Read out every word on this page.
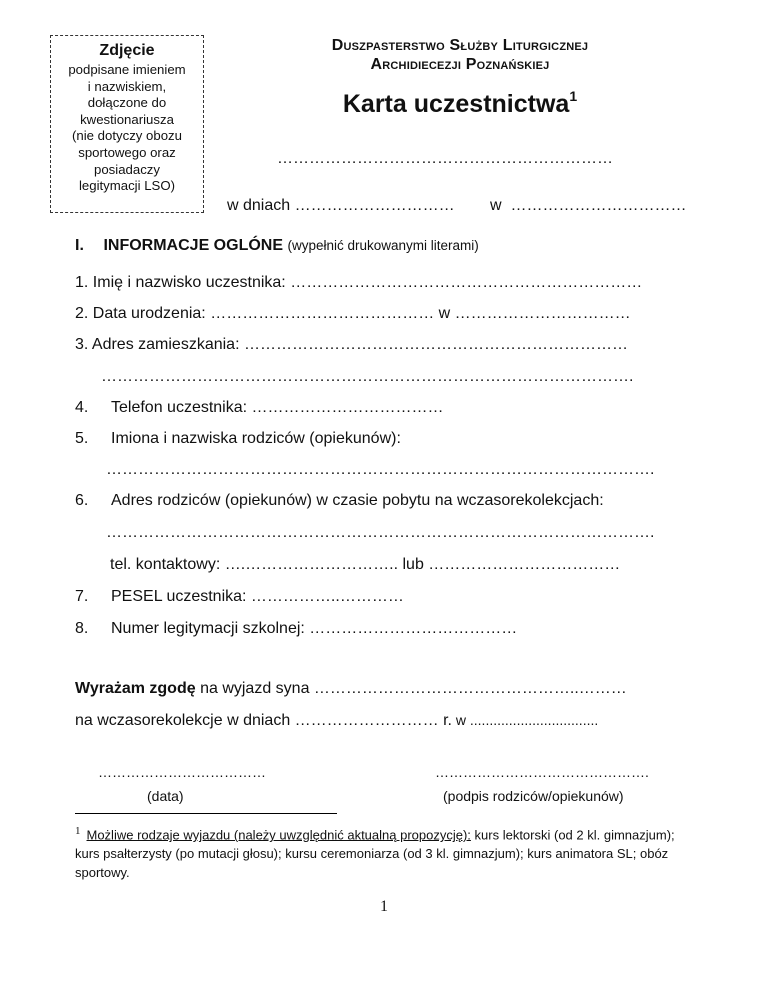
Zdjęcie
podpisane imieniem
i nazwiskiem,
dołączone do
kwestionariusza
(nie dotyczy obozu
sportowego oraz
posiadaczy
legitymacji LSO)
Duszpasterstwo Służby Liturgicznej
Archidiecezji Poznańskiej
Karta uczestnictwa$^1$
………………………………………………………
w dniach ………………………… w ……………………………
I. INFORMACJE OGLÓNE (wypełnić drukowanymi literami)
1. Imię i nazwisko uczestnika: …………………………………………………………
2. Data urodzenia: …………………………………… w ……………………………
3. Adres zamieszkania: ………………………………………………………………
……………………………………………………………………………………….
4. Telefon uczestnika: ………………………………
5. Imiona i nazwiska rodziców (opiekunów):
………………………………………………………………………………………….
6. Adres rodziców (opiekunów) w czasie pobytu na wczasorekolekcjach:
………………………………………………………………………………………….
tel. kontaktowy: ….……………………….. lub ………………………………
7. PESEL uczestnika: ……………..…………
8. Numer legitymacji szkolnej: …………………………………
Wyrażam zgodę na wyjazd syna …………………………………………..………
na wczasorekolekcje w dniach ……………………… r. w .................................
………………………………
(data)
……………………………………….
(podpis rodziców/opiekunów)
$^1$ Możliwe rodzaje wyjazdu (należy uwzględnić aktualną propozycję): kurs lektorski (od 2 kl. gimnazjum); kurs psałterzysty (po mutacji głosu); kursu ceremoniarza (od 3 kl. gimnazjum); kurs animatora SL; obóz sportowy.
1
